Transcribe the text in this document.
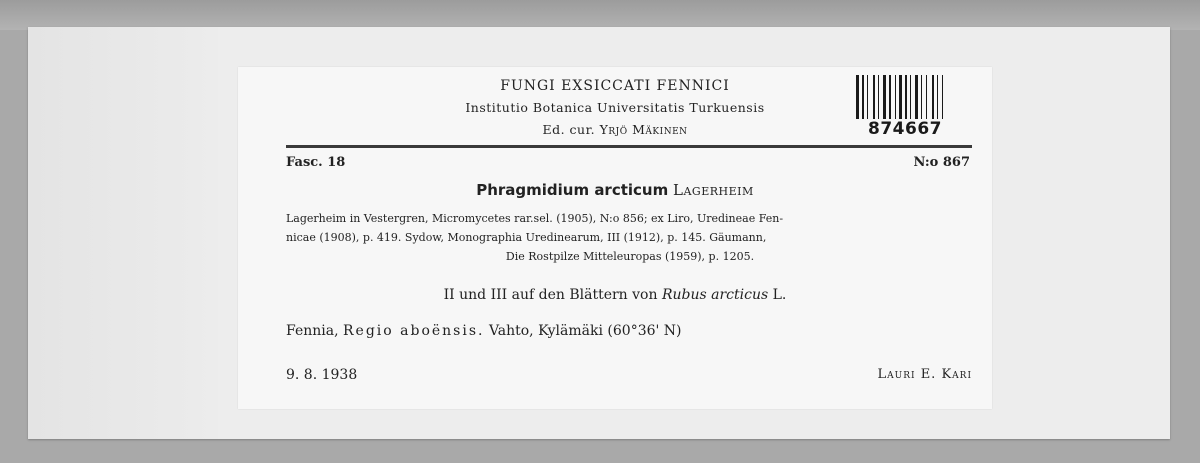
FUNGI EXSICCATI FENNICI
Institutio Botanica Universitatis Turkuensis
Ed. cur. Yrjö Mäkinen	874667
Fasc. 18	N:o 867
Phragmidium arcticum Lagerheim
Lagerheim in Vestergren, Micromycetes rar.sel. (1905), N:o 856; ex Liro, Uredineae Fen-
nicae (1908), p. 419. Sydow, Monographia Uredinearum, III (1912), p. 145. Gäumann,

Die Rostpilze Mitteleuropas (1959), p. 1205.
II und III auf den Blättern von Rubus arcticus L.
Fennia, Regio aboënsis. Vahto, Kylämäki (60°36' N)
9. 8. 1938	Lauri E. Kari
